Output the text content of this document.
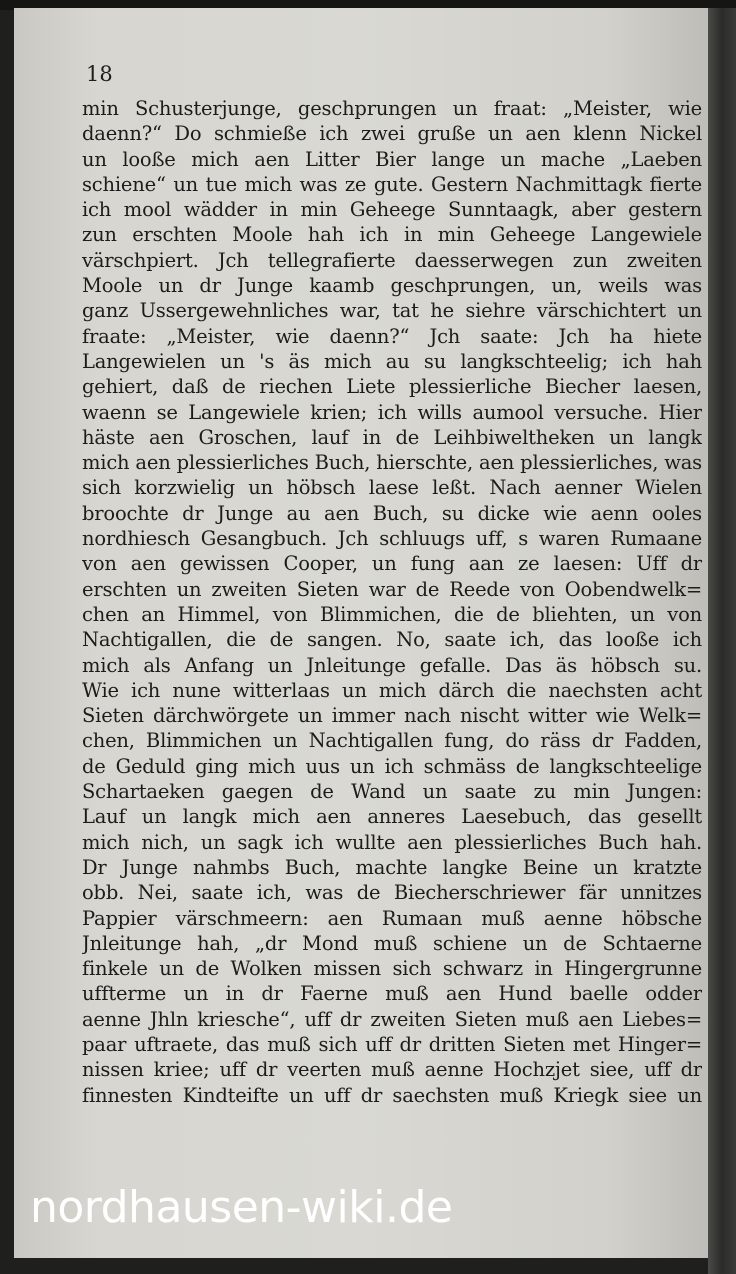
18
min Schusterjunge, geschprungen un fraat: „Meister, wie
daenn?“ Do schmieße ich zwei gruße un aen klenn Nickel
un looße mich aen Litter Bier lange un mache „Laeben
schiene“ un tue mich was ze gute. Gestern Nachmittagk fierte
ich mool wädder in min Geheege Sunntaagk, aber gestern
zun erschten Moole hah ich in min Geheege Langewiele
värschpiert. Jch tellegrafierte daesserwegen zun zweiten
Moole un dr Junge kaamb geschprungen, un, weils was
ganz Ussergewehnliches war, tat he siehre värschichtert un
fraate: „Meister, wie daenn?“ Jch saate: Jch ha hiete
Langewielen un 's äs mich au su langkschteelig; ich hah
gehiert, daß de riechen Liete plessierliche Biecher laesen,
waenn se Langewiele krien; ich wills aumool versuche. Hier
häste aen Groschen, lauf in de Leihbiweltheken un langk
mich aen plessierliches Buch, hierschte, aen plessierliches, was
sich korzwielig un höbsch laese leßt. Nach aenner Wielen
broochte dr Junge au aen Buch, su dicke wie aenn ooles
nordhiesch Gesangbuch. Jch schluugs uff, s waren Rumaane
von aen gewissen Cooper, un fung aan ze laesen: Uff dr
erschten un zweiten Sieten war de Reede von Oobendwelk=
chen an Himmel, von Blimmichen, die de bliehten, un von
Nachtigallen, die de sangen. No, saate ich, das looße ich
mich als Anfang un Jnleitunge gefalle. Das äs höbsch su.
Wie ich nune witterlaas un mich därch die naechsten acht
Sieten därchwörgete un immer nach nischt witter wie Welk=
chen, Blimmichen un Nachtigallen fung, do räss dr Fadden,
de Geduld ging mich uus un ich schmäss de langkschteelige
Schartaeken gaegen de Wand un saate zu min Jungen:
Lauf un langk mich aen anneres Laesebuch, das gesellt
mich nich, un sagk ich wullte aen plessierliches Buch hah.
Dr Junge nahmbs Buch, machte langke Beine un kratzte
obb. Nei, saate ich, was de Biecherschriewer fär unnitzes
Pappier värschmeern: aen Rumaan muß aenne höbsche
Jnleitunge hah, „dr Mond muß schiene un de Schtaerne
finkele un de Wolken missen sich schwarz in Hingergrunne
uffterme un in dr Faerne muß aen Hund baelle odder
aenne Jhln kriesche“, uff dr zweiten Sieten muß aen Liebes=
paar uftraete, das muß sich uff dr dritten Sieten met Hinger=
nissen kriee; uff dr veerten muß aenne Hochzjet siee, uff dr
finnesten Kindteifte un uff dr saechsten muß Kriegk siee un
nordhausen-wiki.de
